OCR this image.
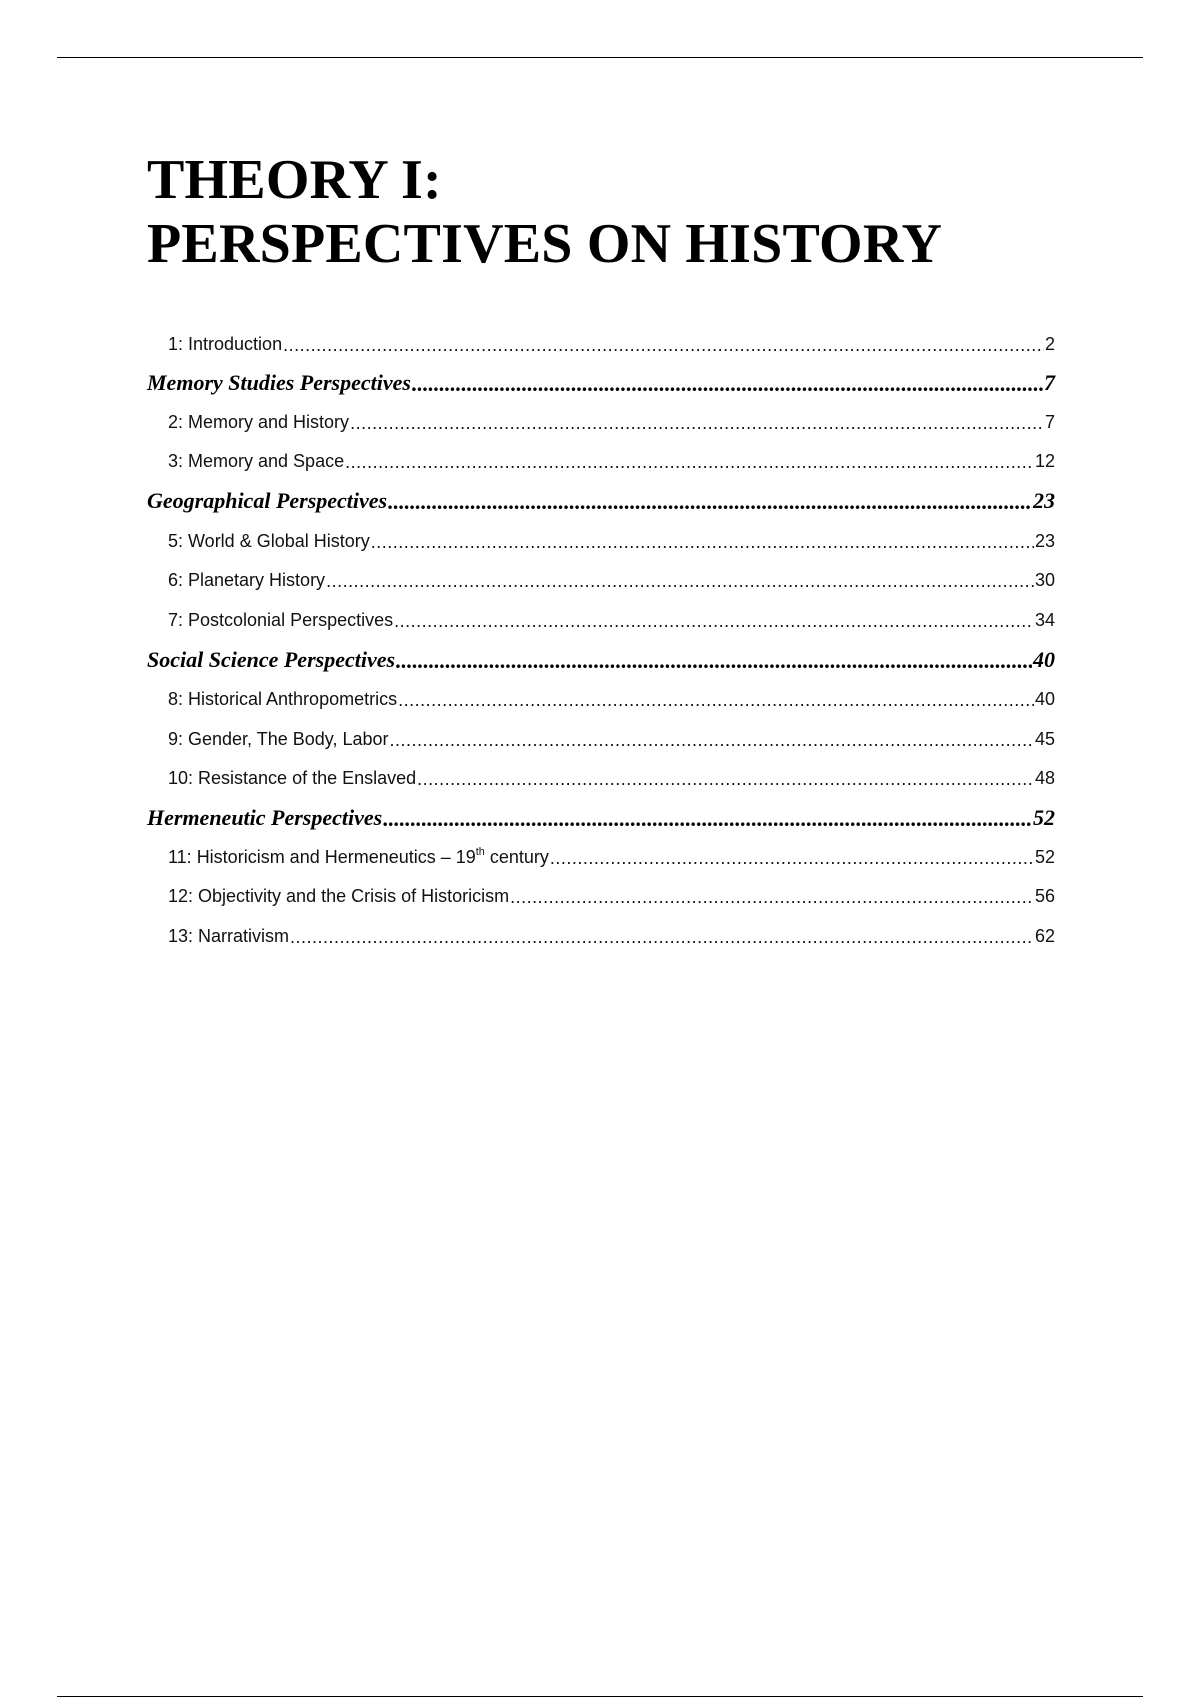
THEORY I:
PERSPECTIVES ON HISTORY
1: Introduction .....	2
Memory Studies Perspectives .....	7
2: Memory and History .....	7
3: Memory and Space .....	12
Geographical Perspectives .....	23
5: World & Global History .....	23
6: Planetary History .....	30
7: Postcolonial Perspectives .....	34
Social Science Perspectives .....	40
8: Historical Anthropometrics .....	40
9: Gender, The Body, Labor .....	45
10: Resistance of the Enslaved .....	48
Hermeneutic Perspectives .....	52
11: Historicism and Hermeneutics – 19th century .....	52
12: Objectivity and the Crisis of Historicism .....	56
13: Narrativism .....	62
